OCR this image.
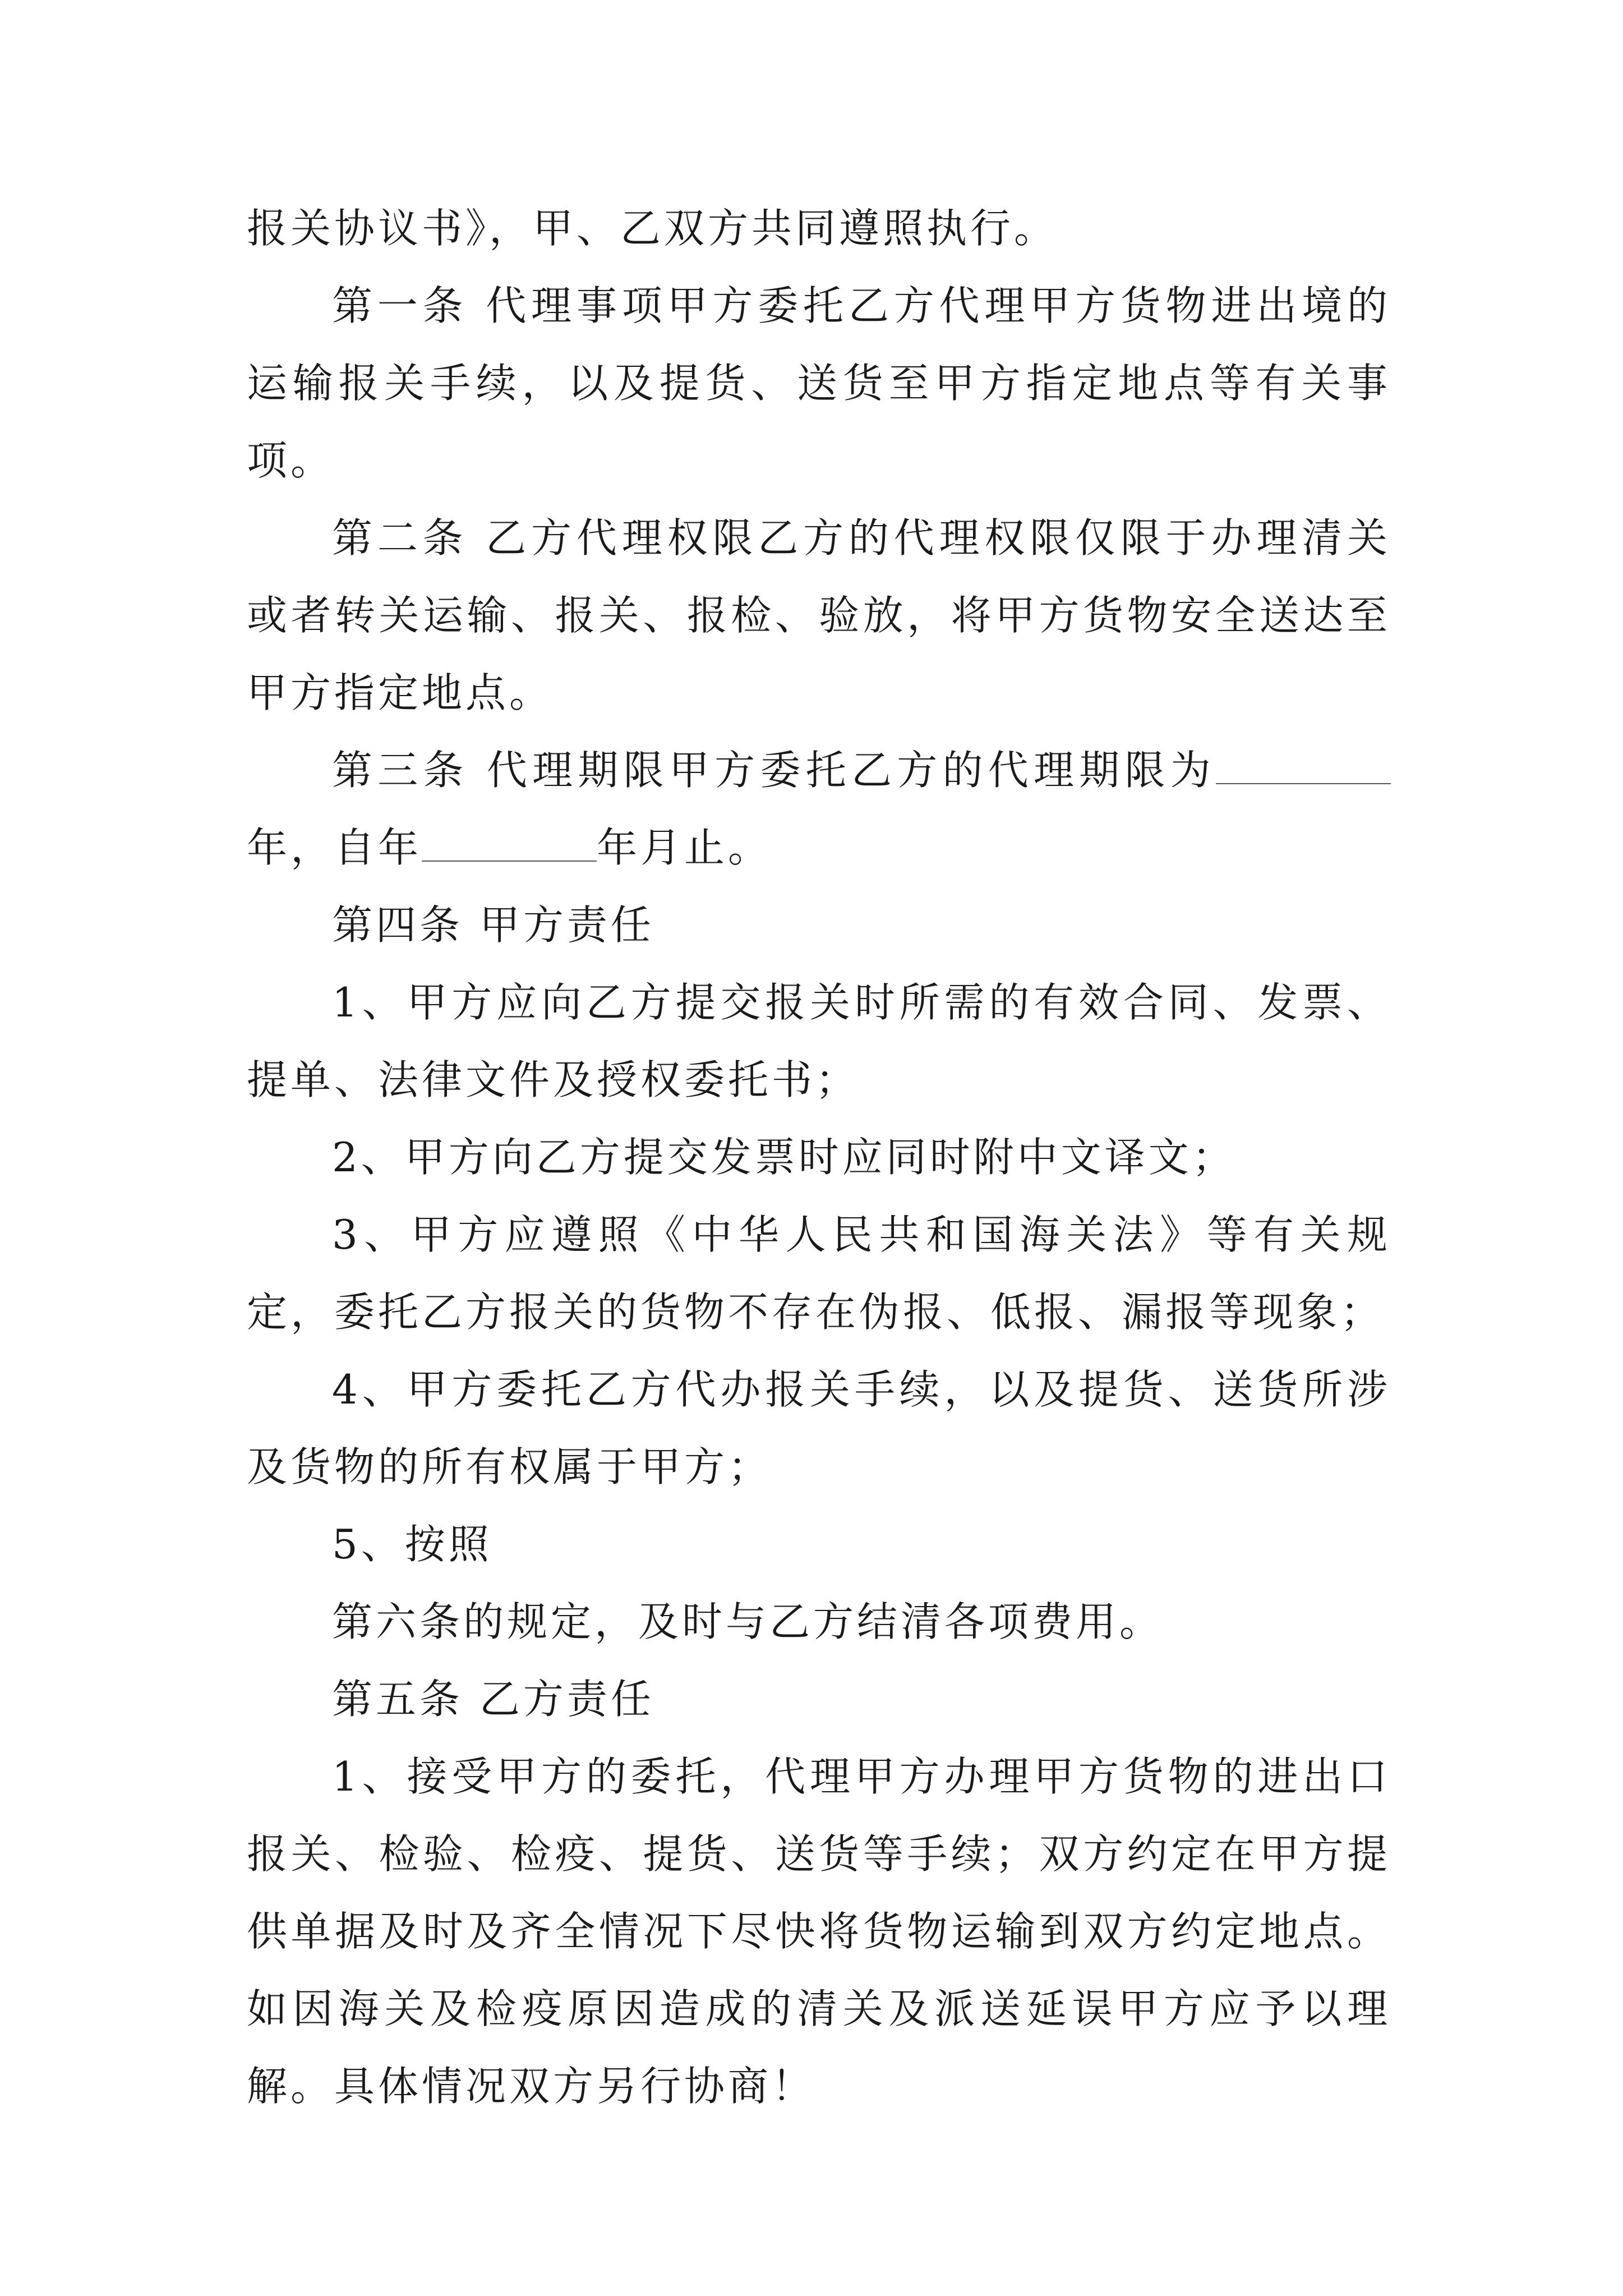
报关协议书》，甲、乙双方共同遵照执行。

第一条 代理事项甲方委托乙方代理甲方货物进出境的运输报关手续，以及提货、送货至甲方指定地点等有关事项。

第二条 乙方代理权限乙方的代理权限仅限于办理清关或者转关运输、报关、报检、验放，将甲方货物安全送达至甲方指定地点。

第三条 代理期限甲方委托乙方的代理期限为年，自年	年月止。

第四条 甲方责任

1、甲方应向乙方提交报关时所需的有效合同、发票、提单、法律文件及授权委托书；

2、甲方向乙方提交发票时应同时附中文译文；

3、甲方应遵照《中华人民共和国海关法》等有关规定，委托乙方报关的货物不存在伪报、低报、漏报等现象；

4、甲方委托乙方代办报关手续，以及提货、送货所涉及货物的所有权属于甲方；

5、按照

第六条的规定，及时与乙方结清各项费用。

第五条 乙方责任

1、接受甲方的委托，代理甲方办理甲方货物的进出口报关、检验、检疫、提货、送货等手续；双方约定在甲方提供单据及时及齐全情况下尽快将货物运输到双方约定地点。如因海关及检疫原因造成的清关及派送延误甲方应予以理解。具体情况双方另行协商！
